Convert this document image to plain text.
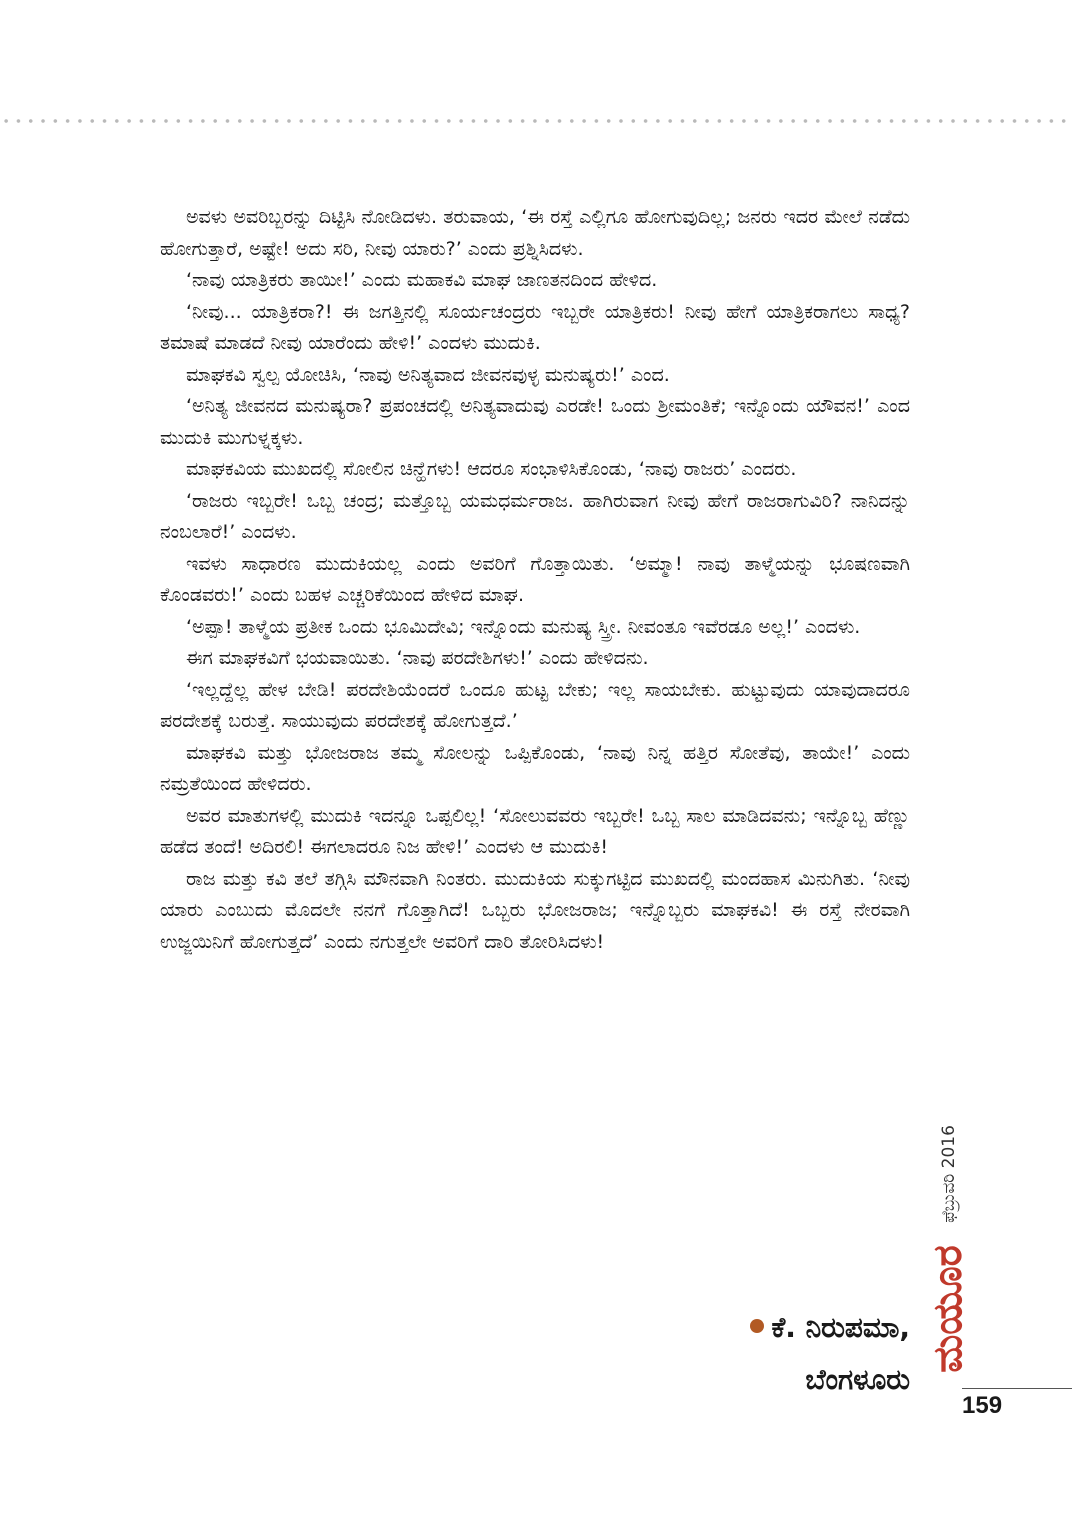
ಅವಳು ಅವರಿಬ್ಬರನ್ನು ದಿಟ್ಟಿಸಿ ನೋಡಿದಳು. ತರುವಾಯ, ‘ಈ ರಸ್ತೆ ಎಲ್ಲಿಗೂ ಹೋಗುವುದಿಲ್ಲ; ಜನರು ಇದರ ಮೇಲೆ ನಡೆದು ಹೋಗುತ್ತಾರೆ, ಅಷ್ಟೇ! ಅದು ಸರಿ, ನೀವು ಯಾರು?’ ಎಂದು ಪ್ರಶ್ನಿಸಿದಳು.

‘ನಾವು ಯಾತ್ರಿಕರು ತಾಯೀ!’ ಎಂದು ಮಹಾಕವಿ ಮಾಘ ಜಾಣತನದಿಂದ ಹೇಳಿದ.

‘ನೀವು... ಯಾತ್ರಿಕರಾ?! ಈ ಜಗತ್ತಿನಲ್ಲಿ ಸೂರ್ಯಚಂದ್ರರು ಇಬ್ಬರೇ ಯಾತ್ರಿಕರು! ನೀವು ಹೇಗೆ ಯಾತ್ರಿಕರಾಗಲು ಸಾಧ್ಯ? ತಮಾಷೆ ಮಾಡದೆ ನೀವು ಯಾರೆಂದು ಹೇಳಿ!’ ಎಂದಳು ಮುದುಕಿ.

ಮಾಘಕವಿ ಸ್ವಲ್ಪ ಯೋಚಿಸಿ, ‘ನಾವು ಅನಿತ್ಯವಾದ ಜೀವನವುಳ್ಳ ಮನುಷ್ಯರು!’ ಎಂದ.

‘ಅನಿತ್ಯ ಜೀವನದ ಮನುಷ್ಯರಾ? ಪ್ರಪಂಚದಲ್ಲಿ ಅನಿತ್ಯವಾದುವು ಎರಡೇ! ಒಂದು ಶ್ರೀಮಂತಿಕೆ; ಇನ್ನೊಂದು ಯೌವನ!’ ಎಂದ ಮುದುಕಿ ಮುಗುಳ್ನಕ್ಕಳು.

ಮಾಘಕವಿಯ ಮುಖದಲ್ಲಿ ಸೋಲಿನ ಚಿನ್ಹೆಗಳು! ಆದರೂ ಸಂಭಾಳಿಸಿಕೊಂಡು, ‘ನಾವು ರಾಜರು’ ಎಂದರು.

‘ರಾಜರು ಇಬ್ಬರೇ! ಒಬ್ಬ ಚಂದ್ರ; ಮತ್ತೊಬ್ಬ ಯಮಧರ್ಮರಾಜ. ಹಾಗಿರುವಾಗ ನೀವು ಹೇಗೆ ರಾಜರಾಗುವಿರಿ? ನಾನಿದನ್ನು ನಂಬಲಾರೆ!’ ಎಂದಳು.

ಇವಳು ಸಾಧಾರಣ ಮುದುಕಿಯಲ್ಲ ಎಂದು ಅವರಿಗೆ ಗೊತ್ತಾಯಿತು. ‘ಅಮ್ಮಾ! ನಾವು ತಾಳ್ಮೆಯನ್ನು ಭೂಷಣವಾಗಿ ಕೊಂಡವರು!’ ಎಂದು ಬಹಳ ಎಚ್ಚರಿಕೆಯಿಂದ ಹೇಳಿದ ಮಾಘ.

‘ಅಪ್ಪಾ! ತಾಳ್ಮೆಯ ಪ್ರತೀಕ ಒಂದು ಭೂಮಿದೇವಿ; ಇನ್ನೊಂದು ಮನುಷ್ಯ ಸ್ತ್ರೀ. ನೀವಂತೂ ಇವೆರಡೂ ಅಲ್ಲ!’ ಎಂದಳು.

ಈಗ ಮಾಘಕವಿಗೆ ಭಯವಾಯಿತು. ‘ನಾವು ಪರದೇಶಿಗಳು!’ ಎಂದು ಹೇಳಿದನು.

‘ಇಲ್ಲದ್ದೆಲ್ಲ ಹೇಳ ಬೇಡಿ! ಪರದೇಶಿಯೆಂದರೆ ಒಂದೂ ಹುಟ್ಟ ಬೇಕು; ಇಲ್ಲ ಸಾಯಬೇಕು. ಹುಟ್ಟುವುದು ಯಾವುದಾದರೂ ಪರದೇಶಕ್ಕೆ ಬರುತ್ತೆ. ಸಾಯುವುದು ಪರದೇಶಕ್ಕೆ ಹೋಗುತ್ತದೆ.’

ಮಾಘಕವಿ ಮತ್ತು ಭೋಜರಾಜ ತಮ್ಮ ಸೋಲನ್ನು ಒಪ್ಪಿಕೊಂಡು, ‘ನಾವು ನಿನ್ನ ಹತ್ತಿರ ಸೋತೆವು, ತಾಯೇ!’ ಎಂದು ನಮ್ರತೆಯಿಂದ ಹೇಳಿದರು.

ಅವರ ಮಾತುಗಳಲ್ಲಿ ಮುದುಕಿ ಇದನ್ನೂ ಒಪ್ಪಲಿಲ್ಲ! ‘ಸೋಲುವವರು ಇಬ್ಬರೇ! ಒಬ್ಬ ಸಾಲ ಮಾಡಿದವನು; ಇನ್ನೊಬ್ಬ ಹೆಣ್ಣು ಹಡೆದ ತಂದೆ! ಅದಿರಲಿ! ಈಗಲಾದರೂ ನಿಜ ಹೇಳಿ!’ ಎಂದಳು ಆ ಮುದುಕಿ!

ರಾಜ ಮತ್ತು ಕವಿ ತಲೆ ತಗ್ಗಿಸಿ ಮೌನವಾಗಿ ನಿಂತರು. ಮುದುಕಿಯ ಸುಕ್ಕುಗಟ್ಟಿದ ಮುಖದಲ್ಲಿ ಮಂದಹಾಸ ಮಿನುಗಿತು. ‘ನೀವು ಯಾರು ಎಂಬುದು ಮೊದಲೇ ನನಗೆ ಗೊತ್ತಾಗಿದೆ! ಒಬ್ಬರು ಭೋಜರಾಜ; ಇನ್ನೊಬ್ಬರು ಮಾಘಕವಿ! ಈ ರಸ್ತೆ ನೇರವಾಗಿ ಉಜ್ಜಯಿನಿಗೆ ಹೋಗುತ್ತದೆ’ ಎಂದು ನಗುತ್ತಲೇ ಅವರಿಗೆ ದಾರಿ ತೋರಿಸಿದಳು!

ಕೆ. ನಿರುಪಮಾ,
ಬೆಂಗಳೂರು
ಫೆಬ್ರುವರಿ 2016
ಮಯೂರ
159
